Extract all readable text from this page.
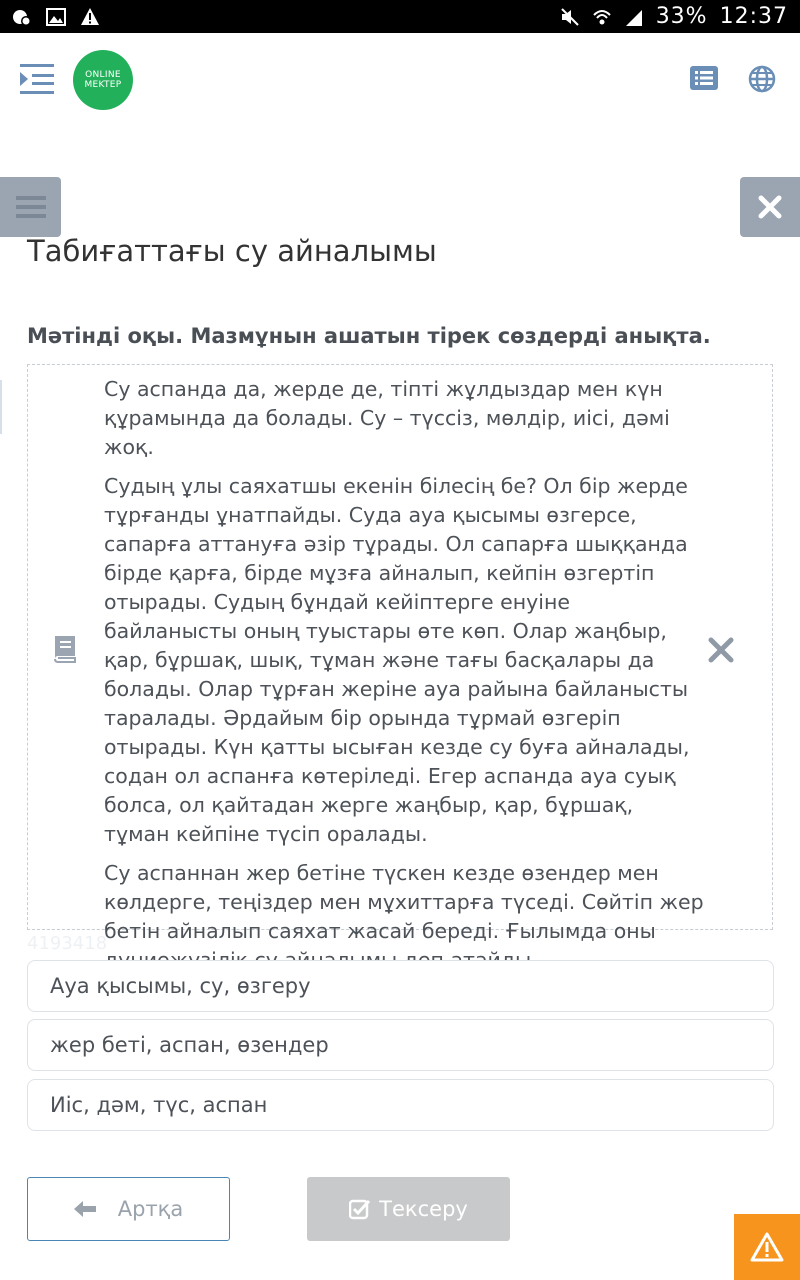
33% 12:37
ONLINE
MEKTEP
Табиғаттағы су айналымы
Мәтінді оқы. Мазмұнын ашатын тірек сөздерді анықта.

Су аспанда да, жерде де, тіпті жұлдыздар мен күн құрамында да болады. Су – түссіз, мөлдір, иісі, дәмі жоқ.

Судың ұлы саяхатшы екенін білесің бе? Ол бір жерде тұрғанды ұнатпайды. Суда ауа қысымы өзгерсе, сапарға аттануға әзір тұрады. Ол сапарға шыққанда бірде қарға, бірде мұзға айналып, кейпін өзгертіп отырады. Судың бұндай кейіптерге енуіне байланысты оның туыстары өте көп. Олар жаңбыр, қар, бұршақ, шық, тұман және тағы басқалары да болады. Олар тұрған жеріне ауа райына байланысты таралады. Әрдайым бір орында тұрмай өзгеріп отырады. Күн қатты ысыған кезде су буға айналады, содан ол аспанға көтеріледі. Егер аспанда ауа суық болса, ол қайтадан жерге жаңбыр, қар, бұршақ, тұман кейпіне түсіп оралады.

Су аспаннан жер бетіне түскен кезде өзендер мен көлдерге, теңіздер мен мұхиттарға түседі. Сөйтіп жер бетін айналып саяхат жасай береді. Ғылымда оны

4193418
Ауа қысымы, су, өзгеру
жер беті, аспан, өзендер
Иіс, дәм, түс, аспан
Артқа	Тексеру
